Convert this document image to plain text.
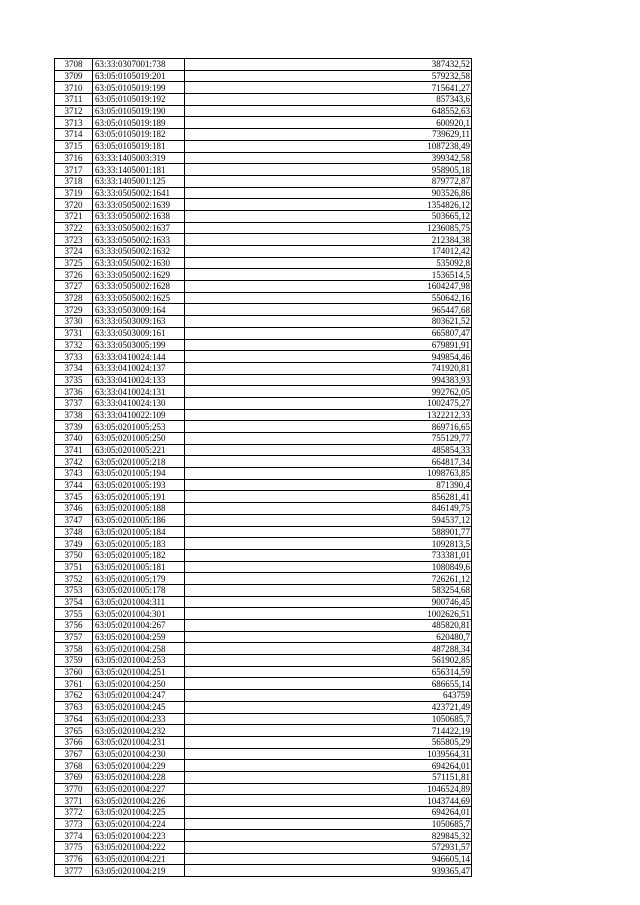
3708	63:33:0307001:738	387432,52
3709	63:05:0105019:201	579232,58
3710	63:05:0105019:199	715641,27
3711	63:05:0105019:192	857343,6
3712	63:05:0105019:190	648552,63
3713	63:05:0105019:189	600920,1
3714	63:05:0105019:182	739629,11
3715	63:05:0105019:181	1087238,49
3716	63:33:1405003:319	399342,58
3717	63:33:1405001:181	958905,18
3718	63:33:1405001:125	879772,87
3719	63:33:0505002:1641	903526,86
3720	63:33:0505002:1639	1354826,12
3721	63:33:0505002:1638	503665,12
3722	63:33:0505002:1637	1236085,75
3723	63:33:0505002:1633	212384,38
3724	63:33:0505002:1632	174012,42
3725	63:33:0505002:1630	535092,8
3726	63:33:0505002:1629	1536514,5
3727	63:33:0505002:1628	1604247,98
3728	63:33:0505002:1625	550642,16
3729	63:33:0503009:164	965447,68
3730	63:33:0503009:163	803621,52
3731	63:33:0503009:161	665807,47
3732	63:33:0503005:199	679891,91
3733	63:33:0410024:144	949854,46
3734	63:33:0410024:137	741920,81
3735	63:33:0410024:133	994383,93
3736	63:33:0410024:131	992762,05
3737	63:33:0410024:130	1002475,27
3738	63:33:0410022:109	1322212,33
3739	63:05:0201005:253	869716,65
3740	63:05:0201005:250	755129,77
3741	63:05:0201005:221	485854,33
3742	63:05:0201005:218	664817,34
3743	63:05:0201005:194	1098763,85
3744	63:05:0201005:193	871390,4
3745	63:05:0201005:191	856281,41
3746	63:05:0201005:188	846149,75
3747	63:05:0201005:186	594537,12
3748	63:05:0201005:184	588901,77
3749	63:05:0201005:183	1092813,5
3750	63:05:0201005:182	733381,01
3751	63:05:0201005:181	1080849,6
3752	63:05:0201005:179	726261,12
3753	63:05:0201005:178	583254,68
3754	63:05:0201004:311	900746,45
3755	63:05:0201004:301	1002626,51
3756	63:05:0201004:267	485820,81
3757	63:05:0201004:259	620480,7
3758	63:05:0201004:258	487288,34
3759	63:05:0201004:253	561902,85
3760	63:05:0201004:251	656314,59
3761	63:05:0201004:250	686655,14
3762	63:05:0201004:247	643759
3763	63:05:0201004:245	423721,49
3764	63:05:0201004:233	1050685,7
3765	63:05:0201004:232	714422,19
3766	63:05:0201004:231	565805,29
3767	63:05:0201004:230	1039564,31
3768	63:05:0201004:229	694264,01
3769	63:05:0201004:228	571151,81
3770	63:05:0201004:227	1046524,89
3771	63:05:0201004:226	1043744,69
3772	63:05:0201004:225	694264,01
3773	63:05:0201004:224	1050685,7
3774	63:05:0201004:223	829845,32
3775	63:05:0201004:222	572931,57
3776	63:05:0201004:221	946605,14
3777	63:05:0201004:219	939365,47
